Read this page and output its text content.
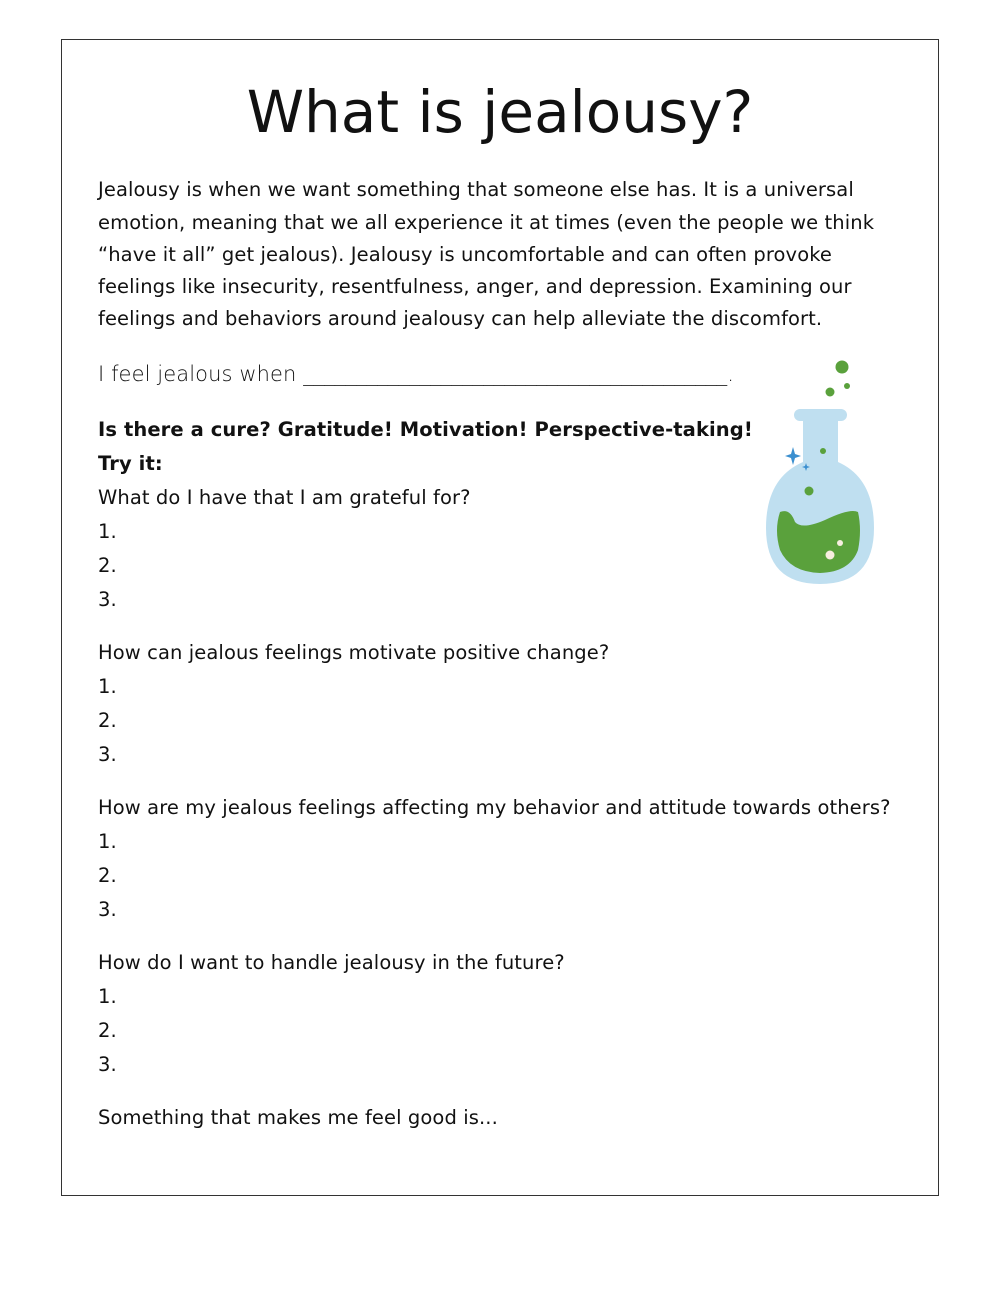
What is jealousy?
Jealousy is when we want something that someone else has. It is a universal
emotion, meaning that we all experience it at times (even the people we think
“have it all” get jealous). Jealousy is uncomfortable and can often provoke
feelings like insecurity, resentfulness, anger, and depression. Examining our
feelings and behaviors around jealousy can help alleviate the discomfort.
I feel jealous when ________________________________________.
Is there a cure? Gratitude! Motivation! Perspective-taking!
Try it:
What do I have that I am grateful for?
1.
2.
3.
How can jealous feelings motivate positive change?
1.
2.
3.
How are my jealous feelings affecting my behavior and attitude towards others?
1.
2.
3.
How do I want to handle jealousy in the future?
1.
2.
3.
Something that makes me feel good is...
